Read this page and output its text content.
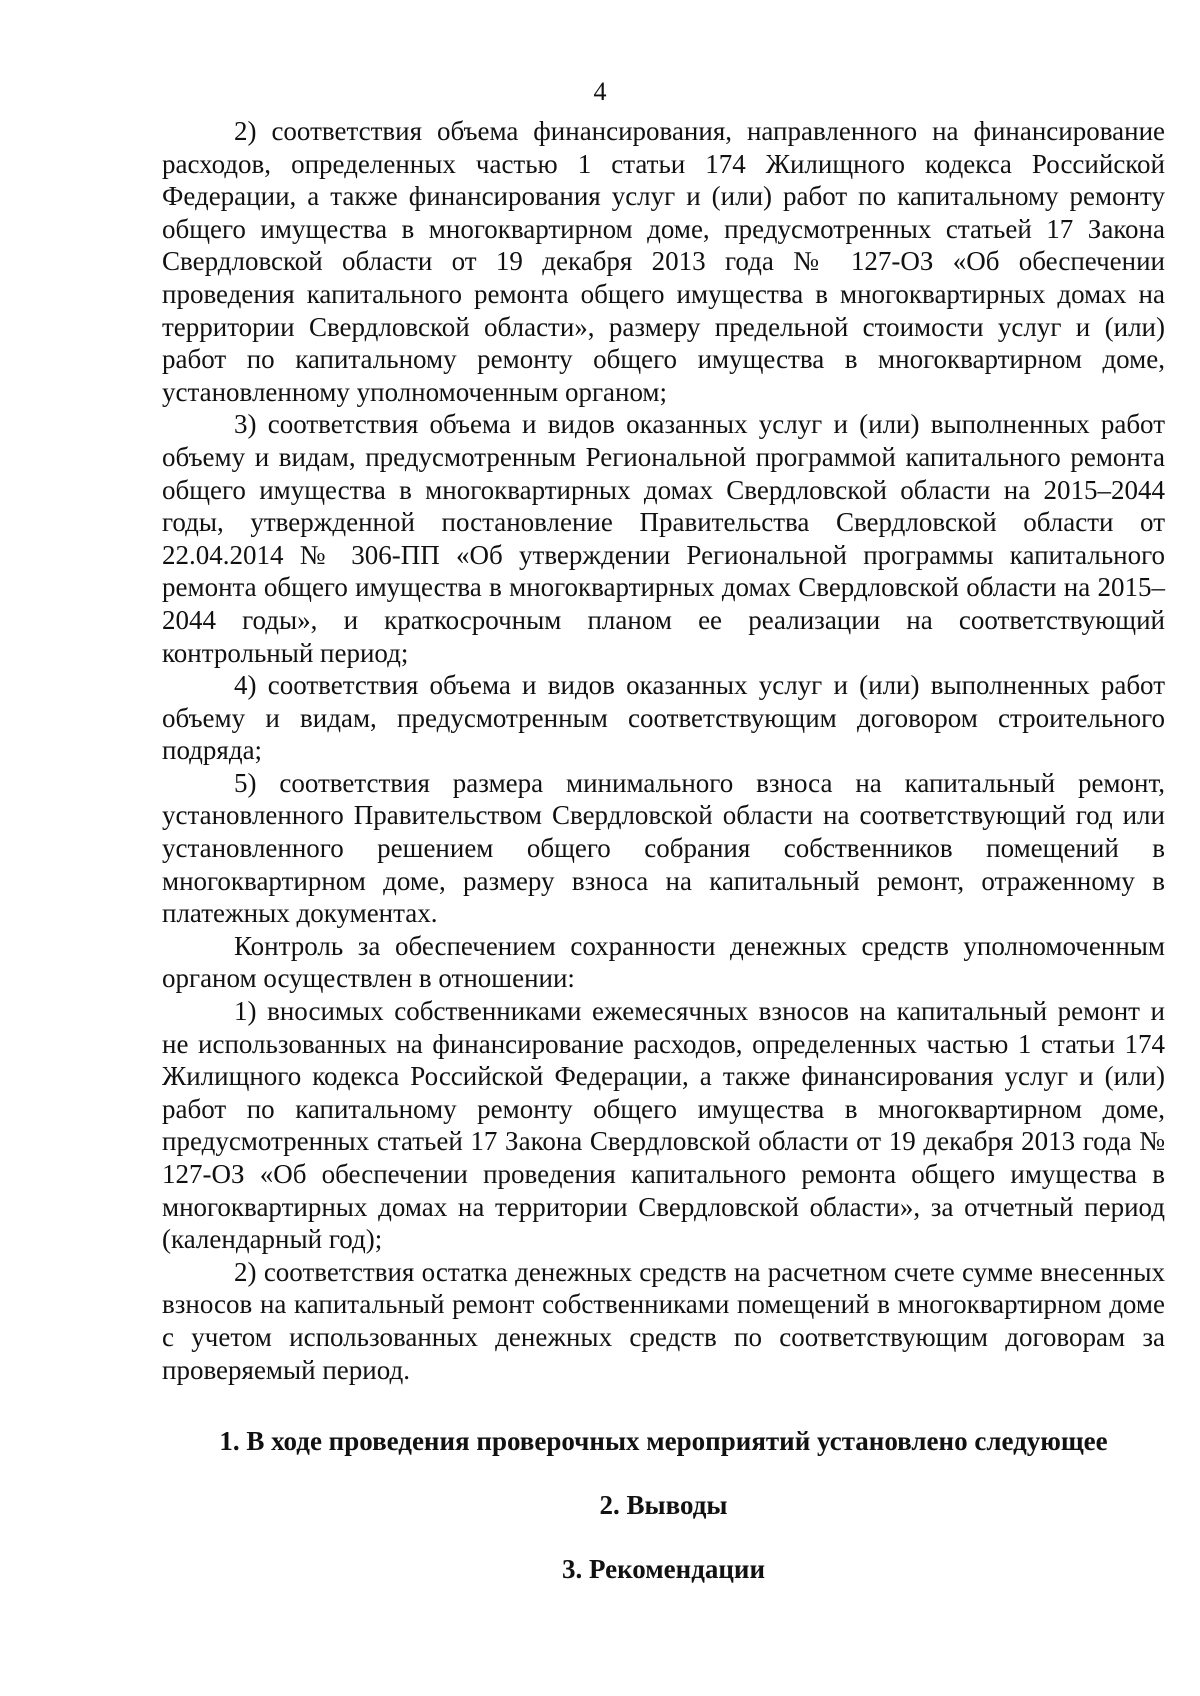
4

2) соответствия объема финансирования, направленного на финансирование расходов, определенных частью 1 статьи 174 Жилищного кодекса Российской Федерации, а также финансирования услуг и (или) работ по капитальному ремонту общего имущества в многоквартирном доме, предусмотренных статьей 17 Закона Свердловской области от 19 декабря 2013 года № 127-ОЗ «Об обеспечении проведения капитального ремонта общего имущества в многоквартирных домах на территории Свердловской области», размеру предельной стоимости услуг и (или) работ по капитальному ремонту общего имущества в многоквартирном доме, установленному уполномоченным органом;

3) соответствия объема и видов оказанных услуг и (или) выполненных работ объему и видам, предусмотренным Региональной программой капитального ремонта общего имущества в многоквартирных домах Свердловской области на 2015–2044 годы, утвержденной постановление Правительства Свердловской области от 22.04.2014 № 306-ПП «Об утверждении Региональной программы капитального ремонта общего имущества в многоквартирных домах Свердловской области на 2015–2044 годы», и краткосрочным планом ее реализации на соответствующий контрольный период;

4) соответствия объема и видов оказанных услуг и (или) выполненных работ объему и видам, предусмотренным соответствующим договором строительного подряда;

5) соответствия размера минимального взноса на капитальный ремонт, установленного Правительством Свердловской области на соответствующий год или установленного решением общего собрания собственников помещений в многоквартирном доме, размеру взноса на капитальный ремонт, отраженному в платежных документах.

Контроль за обеспечением сохранности денежных средств уполномоченным органом осуществлен в отношении:

1) вносимых собственниками ежемесячных взносов на капитальный ремонт и не использованных на финансирование расходов, определенных частью 1 статьи 174 Жилищного кодекса Российской Федерации, а также финансирования услуг и (или) работ по капитальному ремонту общего имущества в многоквартирном доме, предусмотренных статьей 17 Закона Свердловской области от 19 декабря 2013 года № 127-ОЗ «Об обеспечении проведения капитального ремонта общего имущества в многоквартирных домах на территории Свердловской области», за отчетный период (календарный год);

2) соответствия остатка денежных средств на расчетном счете сумме внесенных взносов на капитальный ремонт собственниками помещений в многоквартирном доме с учетом использованных денежных средств по соответствующим договорам за проверяемый период.

1. В ходе проведения проверочных мероприятий установлено следующее
2. Выводы
3. Рекомендации
